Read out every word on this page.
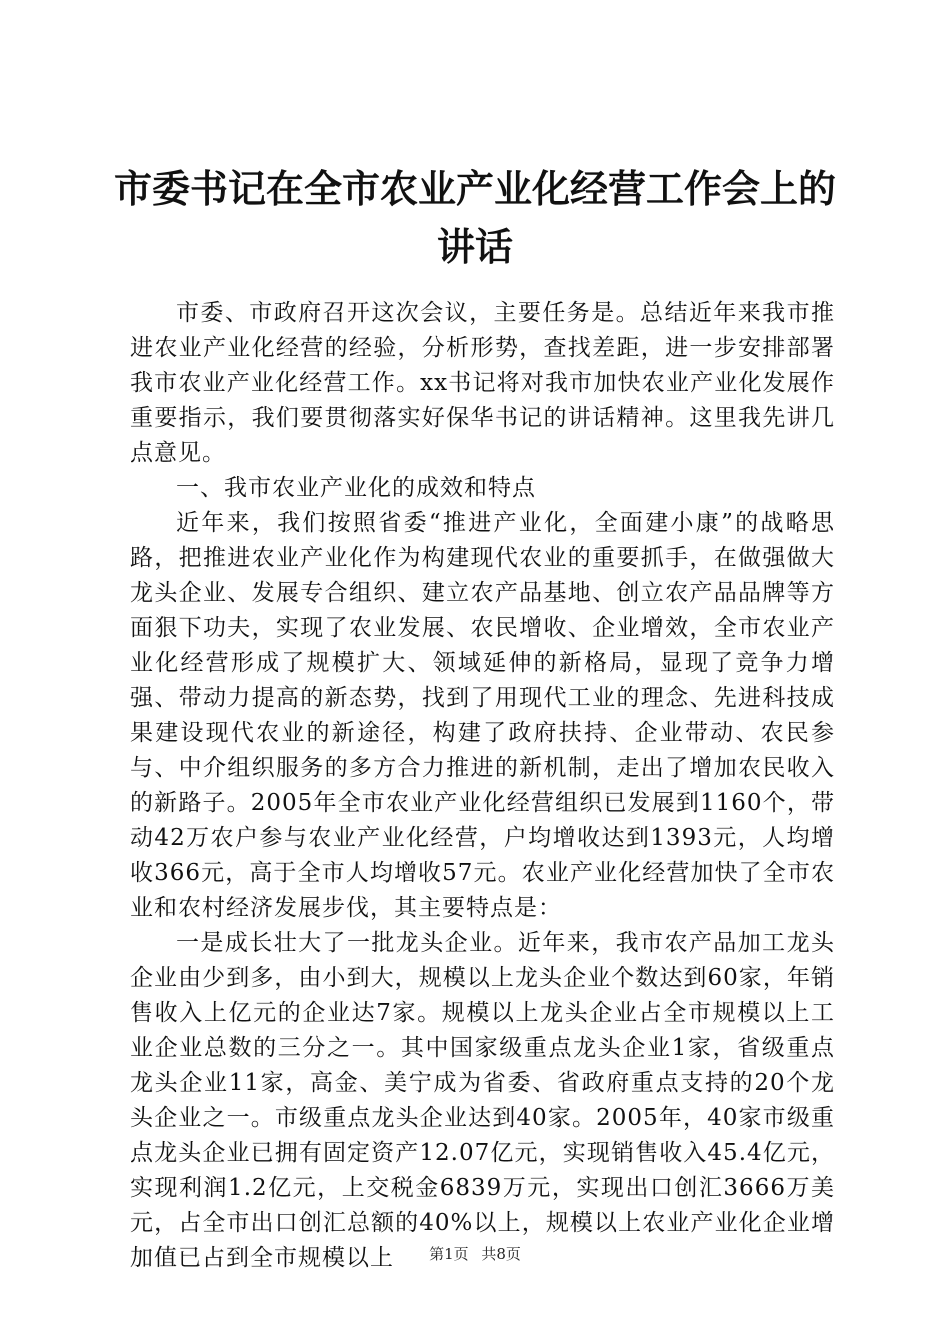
市委书记在全市农业产业化经营工作会上的讲话

市委、市政府召开这次会议，主要任务是。总结近年来我市推进农业产业化经营的经验，分析形势，查找差距，进一步安排部署我市农业产业化经营工作。xx书记将对我市加快农业产业化发展作重要指示，我们要贯彻落实好保华书记的讲话精神。这里我先讲几点意见。

一、我市农业产业化的成效和特点

近年来，我们按照省委“推进产业化，全面建小康”的战略思路，把推进农业产业化作为构建现代农业的重要抓手，在做强做大龙头企业、发展专合组织、建立农产品基地、创立农产品品牌等方面狠下功夫，实现了农业发展、农民增收、企业增效，全市农业产业化经营形成了规模扩大、领域延伸的新格局，显现了竞争力增强、带动力提高的新态势，找到了用现代工业的理念、先进科技成果建设现代农业的新途径，构建了政府扶持、企业带动、农民参与、中介组织服务的多方合力推进的新机制，走出了增加农民收入的新路子。2005年全市农业产业化经营组织已发展到1160个，带动42万农户参与农业产业化经营，户均增收达到1393元，人均增收366元，高于全市人均增收57元。农业产业化经营加快了全市农业和农村经济发展步伐，其主要特点是：

一是成长壮大了一批龙头企业。近年来，我市农产品加工龙头企业由少到多，由小到大，规模以上龙头企业个数达到60家，年销售收入上亿元的企业达7家。规模以上龙头企业占全市规模以上工业企业总数的三分之一。其中国家级重点龙头企业1家，省级重点龙头企业11家，高金、美宁成为省委、省政府重点支持的20个龙头企业之一。市级重点龙头企业达到40家。2005年，40家市级重点龙头企业已拥有固定资产12.07亿元，实现销售收入45.4亿元，实现利润1.2亿元，上交税金6839万元，实现出口创汇3666万美元，占全市出口创汇总额的40%以上，规模以上农业产业化企业增加值已占到全市规模以上	第1页 共8页
